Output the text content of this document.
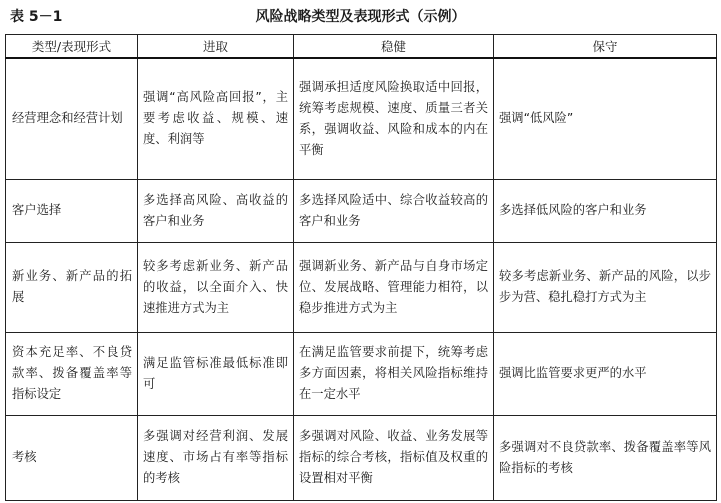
表 5－1	风险战略类型及表现形式（示例）
类型/表现形式	进取	稳健	保守
经营理念和经营计划	强调“高风险高回报”，主要考虑收益、规模、速度、利润等	强调承担适度风险换取适中回报，统筹考虑规模、速度、质量三者关系，强调收益、风险和成本的内在平衡	强调“低风险”
客户选择	多选择高风险、高收益的客户和业务	多选择风险适中、综合收益较高的客户和业务	多选择低风险的客户和业务
新业务、新产品的拓展	较多考虑新业务、新产品的收益，以全面介入、快速推进方式为主	强调新业务、新产品与自身市场定位、发展战略、管理能力相符，以稳步推进方式为主	较多考虑新业务、新产品的风险，以步步为营、稳扎稳打方式为主
资本充足率、不良贷款率、拨备覆盖率等指标设定	满足监管标准最低标准即可	在满足监管要求前提下，统筹考虑多方面因素，将相关风险指标维持在一定水平	强调比监管要求更严的水平
考核	多强调对经营利润、发展速度、市场占有率等指标的考核	多强调对风险、收益、业务发展等指标的综合考核，指标值及权重的设置相对平衡	多强调对不良贷款率、拨备覆盖率等风险指标的考核
